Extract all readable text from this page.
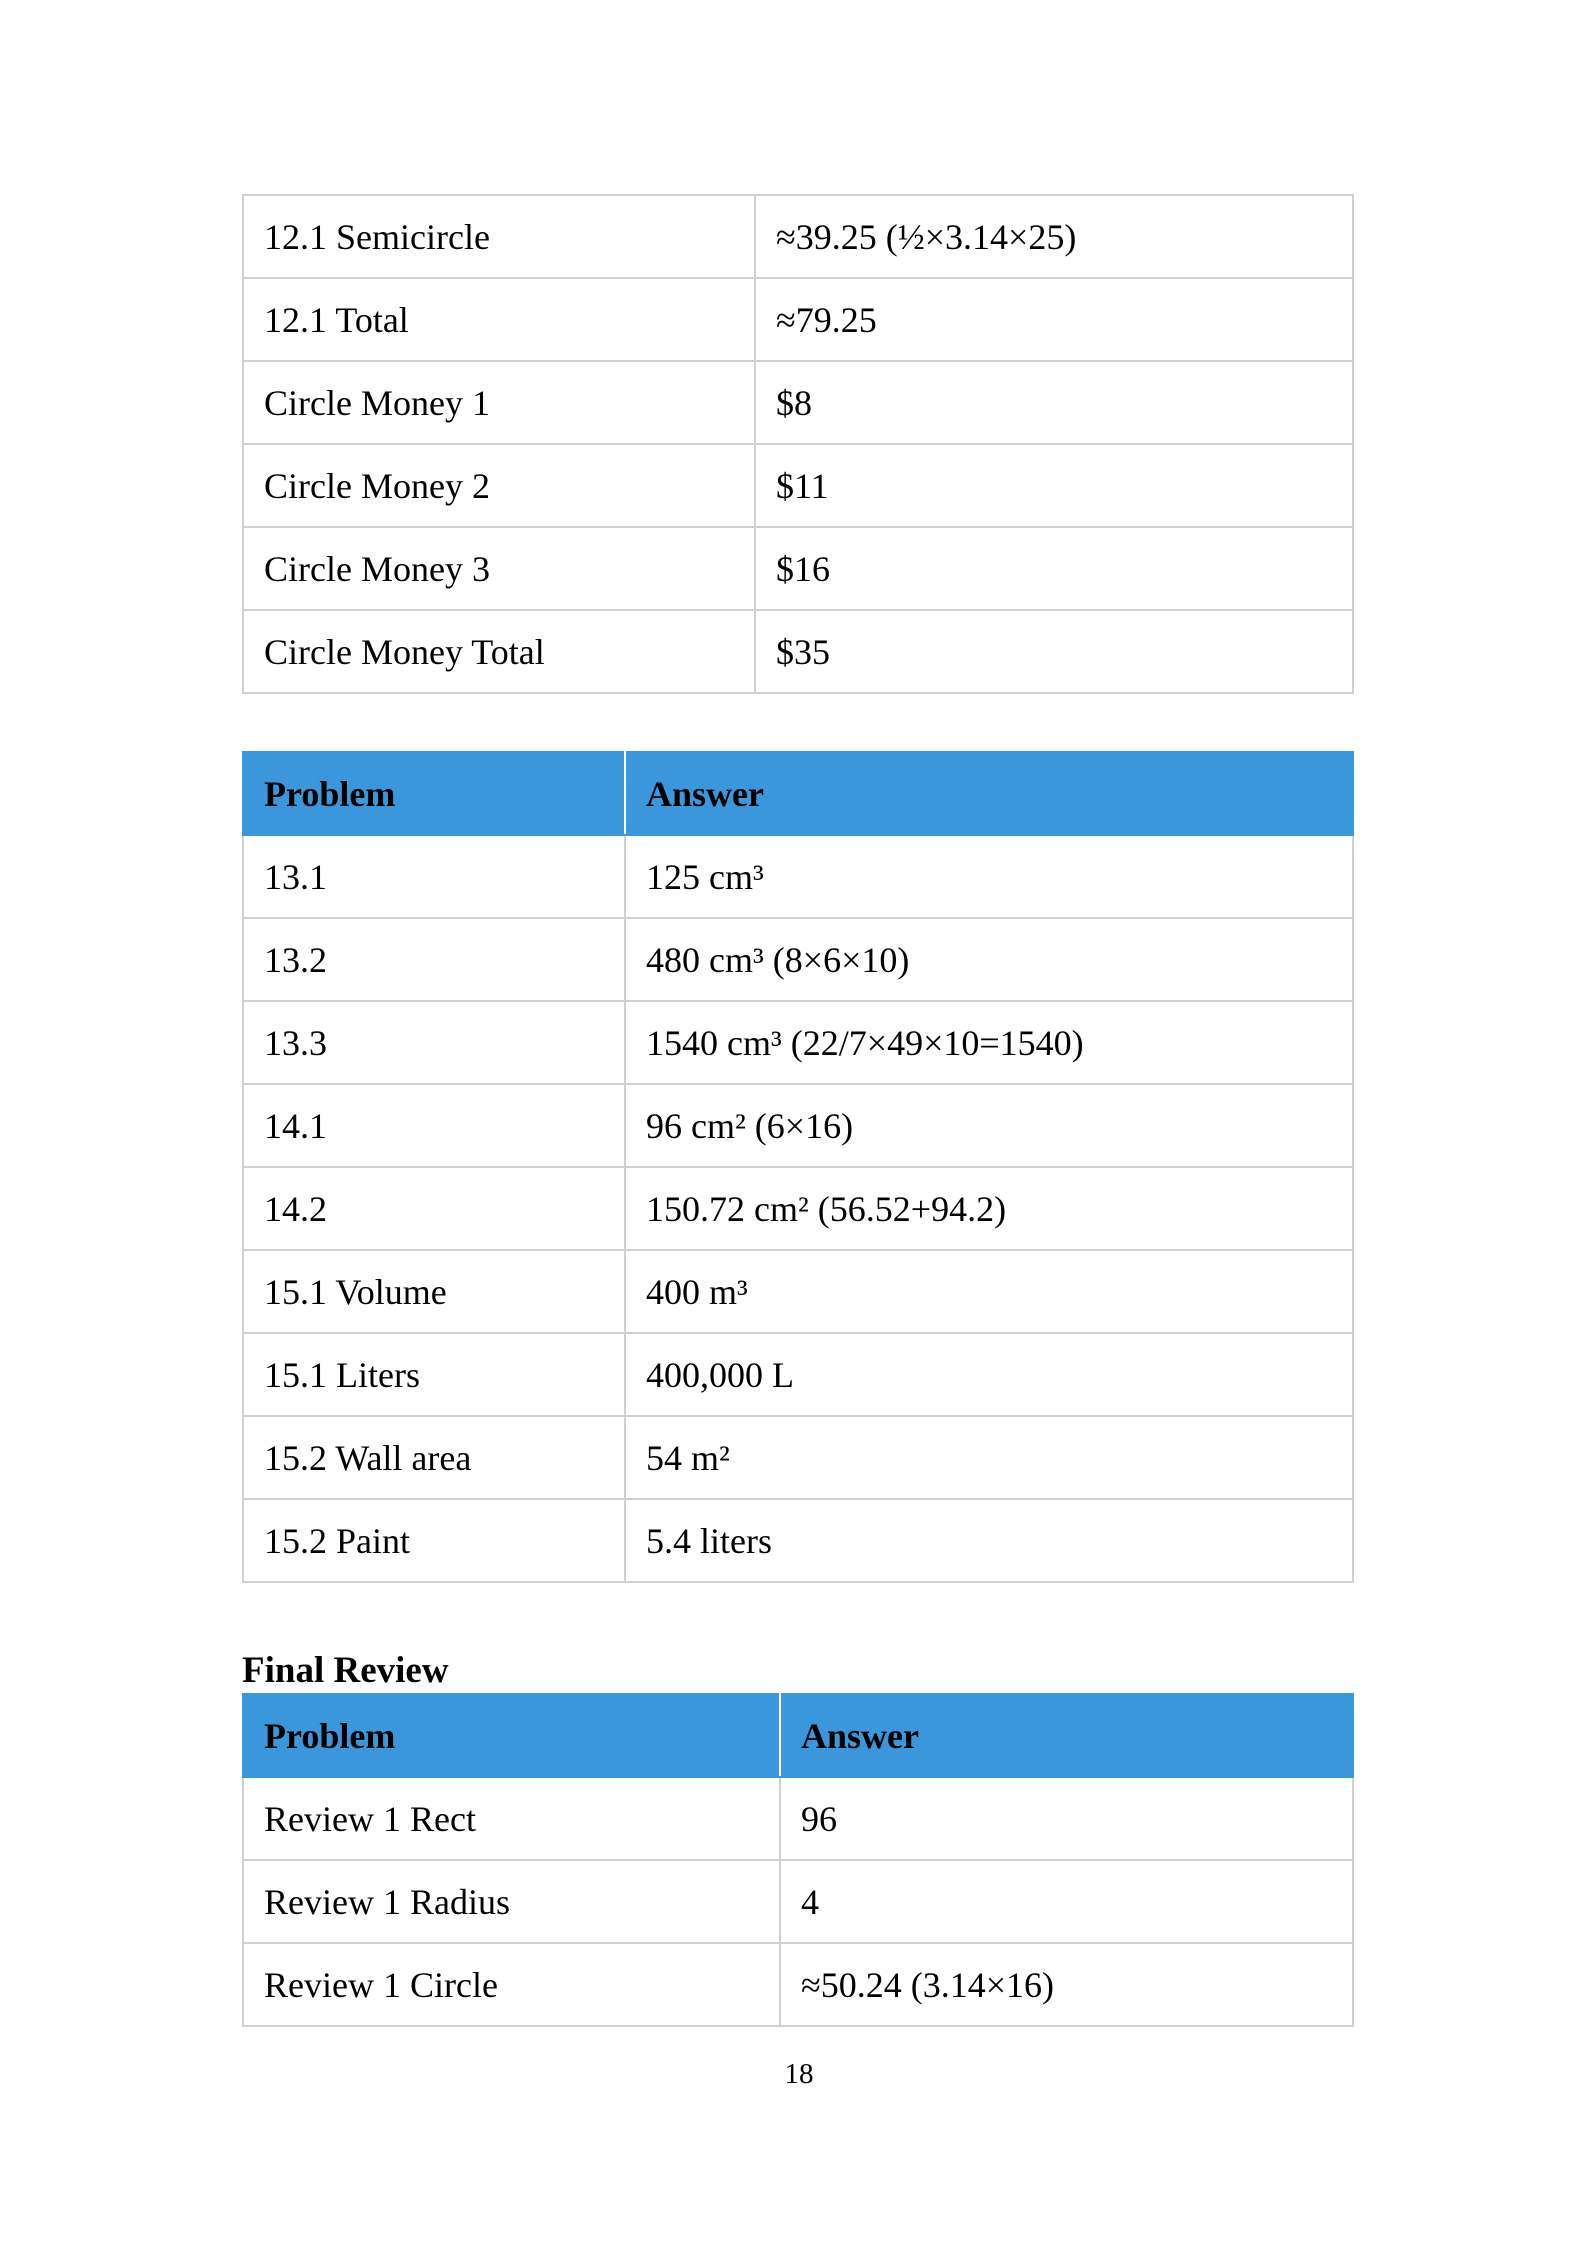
12.1 Semicircle	≈39.25 (½×3.14×25)
12.1 Total	≈79.25
Circle Money 1	$8
Circle Money 2	$11
Circle Money 3	$16
Circle Money Total	$35
Problem	Answer
13.1	125 cm³
13.2	480 cm³ (8×6×10)
13.3	1540 cm³ (22/7×49×10=1540)
14.1	96 cm² (6×16)
14.2	150.72 cm² (56.52+94.2)
15.1 Volume	400 m³
15.1 Liters	400,000 L
15.2 Wall area	54 m²
15.2 Paint	5.4 liters
Final Review
Problem	Answer
Review 1 Rect	96
Review 1 Radius	4
Review 1 Circle	≈50.24 (3.14×16)
18
